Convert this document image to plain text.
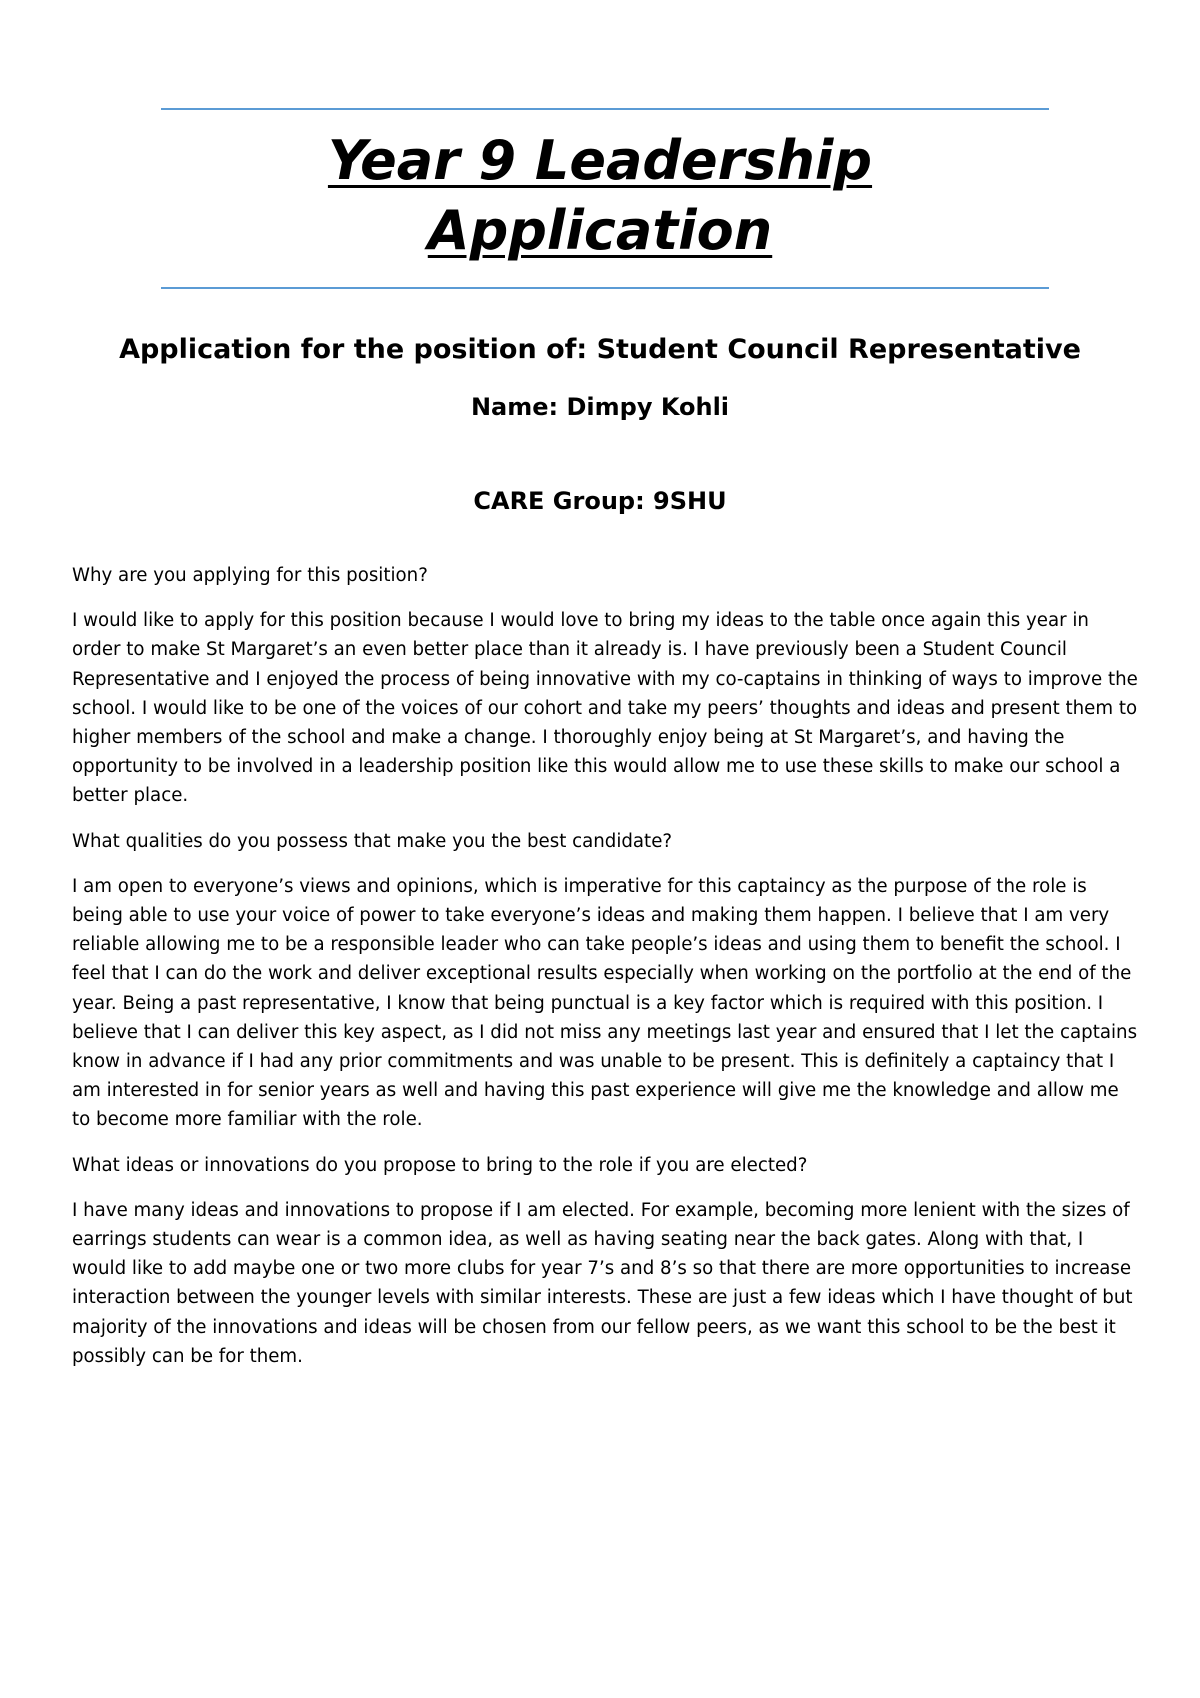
Year 9 Leadership
Application

Application for the position of: Student Council Representative

Name: Dimpy Kohli

CARE Group: 9SHU

Why are you applying for this position?

I would like to apply for this position because I would love to bring my ideas to the table once again this year in order to make St Margaret’s an even better place than it already is. I have previously been a Student Council Representative and I enjoyed the process of being innovative with my co-captains in thinking of ways to improve the school. I would like to be one of the voices of our cohort and take my peers’ thoughts and ideas and present them to higher members of the school and make a change. I thoroughly enjoy being at St Margaret’s, and having the opportunity to be involved in a leadership position like this would allow me to use these skills to make our school a better place.

What qualities do you possess that make you the best candidate?

I am open to everyone’s views and opinions, which is imperative for this captaincy as the purpose of the role is being able to use your voice of power to take everyone’s ideas and making them happen. I believe that I am very reliable allowing me to be a responsible leader who can take people’s ideas and using them to benefit the school. I feel that I can do the work and deliver exceptional results especially when working on the portfolio at the end of the year. Being a past representative, I know that being punctual is a key factor which is required with this position. I believe that I can deliver this key aspect, as I did not miss any meetings last year and ensured that I let the captains know in advance if I had any prior commitments and was unable to be present. This is definitely a captaincy that I am interested in for senior years as well and having this past experience will give me the knowledge and allow me to become more familiar with the role.

What ideas or innovations do you propose to bring to the role if you are elected?

I have many ideas and innovations to propose if I am elected. For example, becoming more lenient with the sizes of earrings students can wear is a common idea, as well as having seating near the back gates. Along with that, I would like to add maybe one or two more clubs for year 7’s and 8’s so that there are more opportunities to increase interaction between the younger levels with similar interests. These are just a few ideas which I have thought of but majority of the innovations and ideas will be chosen from our fellow peers, as we want this school to be the best it possibly can be for them.
